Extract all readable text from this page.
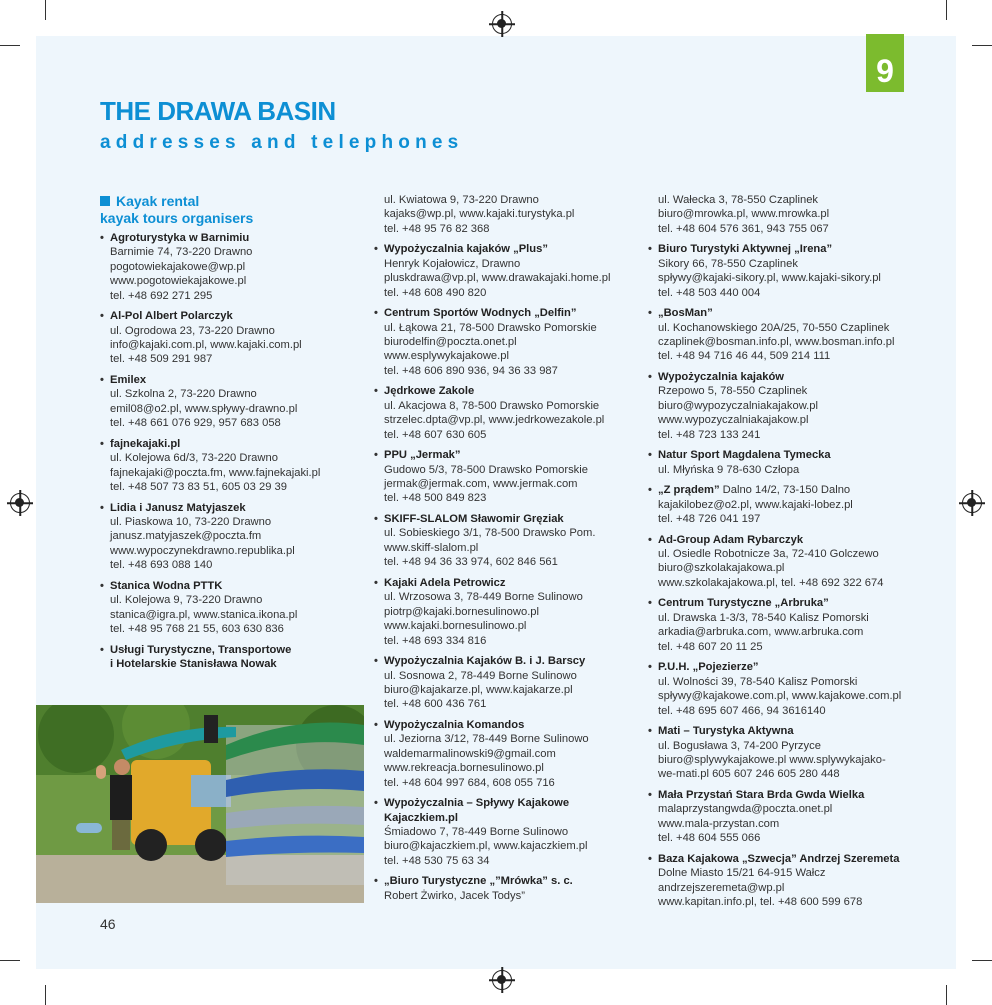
9
THE DRAWA BASIN
addresses and telephones
Kayak rental
kayak tours organisers
• Agroturystyka w Barnimiu
Barnimie 74, 73-220 Drawno
pogotowiekajakowe@wp.pl
www.pogotowiekajakowe.pl
tel. +48 692 271 295
• Al-Pol Albert Polarczyk
ul. Ogrodowa 23, 73-220 Drawno
info@kajaki.com.pl, www.kajaki.com.pl
tel. +48 509 291 987
• Emilex
ul. Szkolna 2, 73-220 Drawno
emil08@o2.pl, www.spływy-drawno.pl
tel. +48 661 076 929, 957 683 058
• fajnekajaki.pl
ul. Kolejowa 6d/3, 73-220 Drawno
fajnekajaki@poczta.fm, www.fajnekajaki.pl
tel. +48 507 73 83 51, 605 03 29 39
• Lidia i Janusz Matyjaszek
ul. Piaskowa 10, 73-220 Drawno
janusz.matyjaszek@poczta.fm
www.wypoczynekdrawno.republika.pl
tel. +48 693 088 140
• Stanica Wodna PTTK
ul. Kolejowa 9, 73-220 Drawno
stanica@igra.pl, www.stanica.ikona.pl
tel. +48 95 768 21 55, 603 630 836
• Usługi Turystyczne, Transportowe
i Hotelarskie Stanisława Nowak
ul. Kwiatowa 9, 73-220 Drawno
kajaks@wp.pl, www.kajaki.turystyka.pl
tel. +48 95 76 82 368
• Wypożyczalnia kajaków „Plus”
Henryk Kojałowicz, Drawno
pluskdrawa@vp.pl, www.drawakajaki.home.pl
tel. +48 608 490 820
• Centrum Sportów Wodnych „Delfin”
ul. Łąkowa 21, 78-500 Drawsko Pomorskie
biurodelfin@poczta.onet.pl
www.esplywykajakowe.pl
tel. +48 606 890 936, 94 36 33 987
• Jędrkowe Zakole
ul. Akacjowa 8, 78-500 Drawsko Pomorskie
strzelec.dpta@vp.pl, www.jedrkowezakole.pl
tel. +48 607 630 605
• PPU „Jermak”
Gudowo 5/3, 78-500 Drawsko Pomorskie
jermak@jermak.com, www.jermak.com
tel. +48 500 849 823
• SKIFF-SLALOM Sławomir Gręziak
ul. Sobieskiego 3/1, 78-500 Drawsko Pom.
www.skiff-slalom.pl
tel. +48 94 36 33 974, 602 846 561
• Kajaki Adela Petrowicz
ul. Wrzosowa 3, 78-449 Borne Sulinowo
piotrp@kajaki.bornesulinowo.pl
www.kajaki.bornesulinowo.pl
tel. +48 693 334 816
• Wypożyczalnia Kajaków B. i J. Barscy
ul. Sosnowa 2, 78-449 Borne Sulinowo
biuro@kajakarze.pl, www.kajakarze.pl
tel. +48 600 436 761
• Wypożyczalnia Komandos
ul. Jeziorna 3/12, 78-449 Borne Sulinowo
waldemarmalinowski9@gmail.com
www.rekreacja.bornesulinowo.pl
tel. +48 604 997 684, 608 055 716
• Wypożyczalnia – Spływy Kajakowe
Kajaczkiem.pl
Śmiadowo 7, 78-449 Borne Sulinowo
biuro@kajaczkiem.pl, www.kajaczkiem.pl
tel. +48 530 75 63 34
• „Biuro Turystyczne „”Mrówka” s. c.
Robert Żwirko, Jacek Todys”
ul. Wałecka 3, 78-550 Czaplinek
biuro@mrowka.pl, www.mrowka.pl
tel. +48 604 576 361, 943 755 067
• Biuro Turystyki Aktywnej „Irena”
Sikory 66, 78-550 Czaplinek
spływy@kajaki-sikory.pl, www.kajaki-sikory.pl
tel. +48 503 440 004
• „BosMan”
ul. Kochanowskiego 20A/25, 70-550 Czaplinek
czaplinek@bosman.info.pl, www.bosman.info.pl
tel. +48 94 716 46 44, 509 214 111
• Wypożyczalnia kajaków
Rzepowo 5, 78-550 Czaplinek
biuro@wypozyczalniakajakow.pl
www.wypozyczalniakajakow.pl
tel. +48 723 133 241
• Natur Sport Magdalena Tymecka
ul. Młyńska 9 78-630 Człopa
• „Z prądem” Dalno 14/2, 73-150 Dalno
kajakilobez@o2.pl, www.kajaki-lobez.pl
tel. +48 726 041 197
• Ad-Group Adam Rybarczyk
ul. Osiedle Robotnicze 3a, 72-410 Golczewo
biuro@szkolakajakowa.pl
www.szkolakajakowa.pl, tel. +48 692 322 674
• Centrum Turystyczne „Arbruka”
ul. Drawska 1-3/3, 78-540 Kalisz Pomorski
arkadia@arbruka.com, www.arbruka.com
tel. +48 607 20 11 25
• P.U.H. „Pojezierze”
ul. Wolności 39, 78-540 Kalisz Pomorski
spływy@kajakowe.com.pl, www.kajakowe.com.pl
tel. +48 695 607 466, 94 3616140
• Mati – Turystyka Aktywna
ul. Bogusława 3, 74-200 Pyrzyce
biuro@splywykajakowe.pl www.splywykajako-
we-mati.pl 605 607 246 605 280 448
• Mała Przystań Stara Brda Gwda Wielka
malaprzystangwda@poczta.onet.pl
www.mala-przystan.com
tel. +48 604 555 066
• Baza Kajakowa „Szwecja” Andrzej Szeremeta
Dolne Miasto 15/21 64-915 Wałcz
andrzejszeremeta@wp.pl
www.kapitan.info.pl, tel. +48 600 599 678
46
